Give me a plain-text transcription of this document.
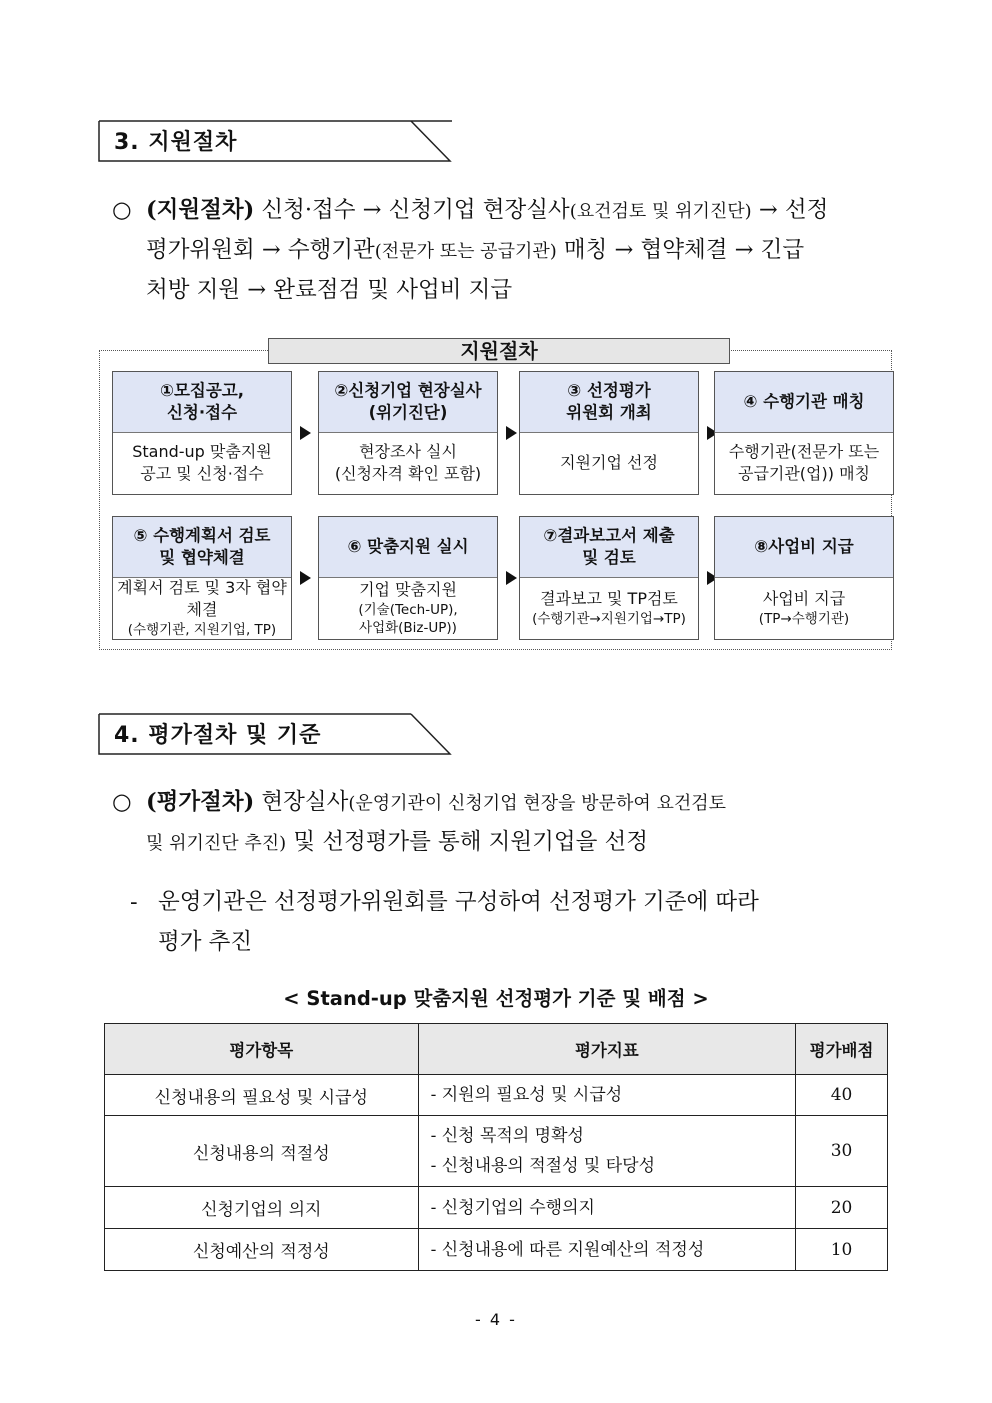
3. 지원절차
○ (지원절차) 신청·접수 → 신청기업 현장실사(요건검토 및 위기진단) → 선정
평가위원회 → 수행기관(전문가 또는 공급기관) 매칭 → 협약체결 → 긴급
처방 지원 → 완료점검 및 사업비 지급
지원절차
①모집공고,
신청·접수
Stand-up 맞춤지원
공고 및 신청·접수
②신청기업 현장실사
(위기진단)
현장조사 실시
(신청자격 확인 포함)
③ 선정평가
위원회 개최
지원기업 선정
④ 수행기관 매칭
수행기관(전문가 또는
공급기관(업)) 매칭
⑤ 수행계획서 검토
및 협약체결
계획서 검토 및 3자 협약체결
(수행기관, 지원기업, TP)
⑥ 맞춤지원 실시
기업 맞춤지원
(기술(Tech-UP),
사업화(Biz-UP))
⑦결과보고서 제출
및 검토
결과보고 및 TP검토
(수행기관→지원기업→TP)
⑧사업비 지급
사업비 지급
(TP→수행기관)
4. 평가절차 및 기준
○ (평가절차) 현장실사(운영기관이 신청기업 현장을 방문하여 요건검토
및 위기진단 추진) 및 선정평가를 통해 지원기업을 선정
- 운영기관은 선정평가위원회를 구성하여 선정평가 기준에 따라
평가 추진
< Stand-up 맞춤지원 선정평가 기준 및 배점 >
평가항목	평가지표	평가배점
신청내용의 필요성 및 시급성	- 지원의 필요성 및 시급성	40
신청내용의 적절성	- 신청 목적의 명확성
- 신청내용의 적절성 및 타당성	30
신청기업의 의지	- 신청기업의 수행의지	20
신청예산의 적정성	- 신청내용에 따른 지원예산의 적정성	10
- 4 -
